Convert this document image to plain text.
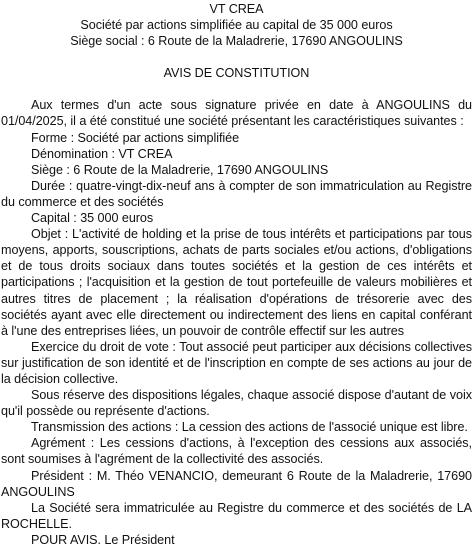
VT CREA

Société par actions simplifiée au capital de 35 000 euros

Siège social : 6 Route de la Maladrerie, 17690 ANGOULINS

AVIS DE CONSTITUTION

Aux termes d'un acte sous signature privée en date à ANGOULINS du 01/04/2025, il a été constitué une société présentant les caractéristiques suivantes :

Forme : Société par actions simplifiée

Dénomination : VT CREA

Siège : 6 Route de la Maladrerie, 17690 ANGOULINS

Durée : quatre-vingt-dix-neuf ans à compter de son immatriculation au Registre du commerce et des sociétés

Capital : 35 000 euros

Objet : L'activité de holding et la prise de tous intérêts et participations par tous moyens, apports, souscriptions, achats de parts sociales et/ou actions, d'obligations et de tous droits sociaux dans toutes sociétés et la gestion de ces intérêts et participations ; l'acquisition et la gestion de tout portefeuille de valeurs mobilières et autres titres de placement ; la réalisation d'opérations de trésorerie avec des sociétés ayant avec elle directement ou indirectement des liens en capital conférant à l'une des entreprises liées, un pouvoir de contrôle effectif sur les autres

Exercice du droit de vote : Tout associé peut participer aux décisions collectives sur justification de son identité et de l'inscription en compte de ses actions au jour de la décision collective.

Sous réserve des dispositions légales, chaque associé dispose d'autant de voix qu'il possède ou représente d'actions.

Transmission des actions : La cession des actions de l'associé unique est libre.

Agrément : Les cessions d'actions, à l'exception des cessions aux associés, sont soumises à l'agrément de la collectivité des associés.

Président : M. Théo VENANCIO, demeurant 6 Route de la Maladrerie, 17690 ANGOULINS

La Société sera immatriculée au Registre du commerce et des sociétés de LA ROCHELLE.

POUR AVIS. Le Président
